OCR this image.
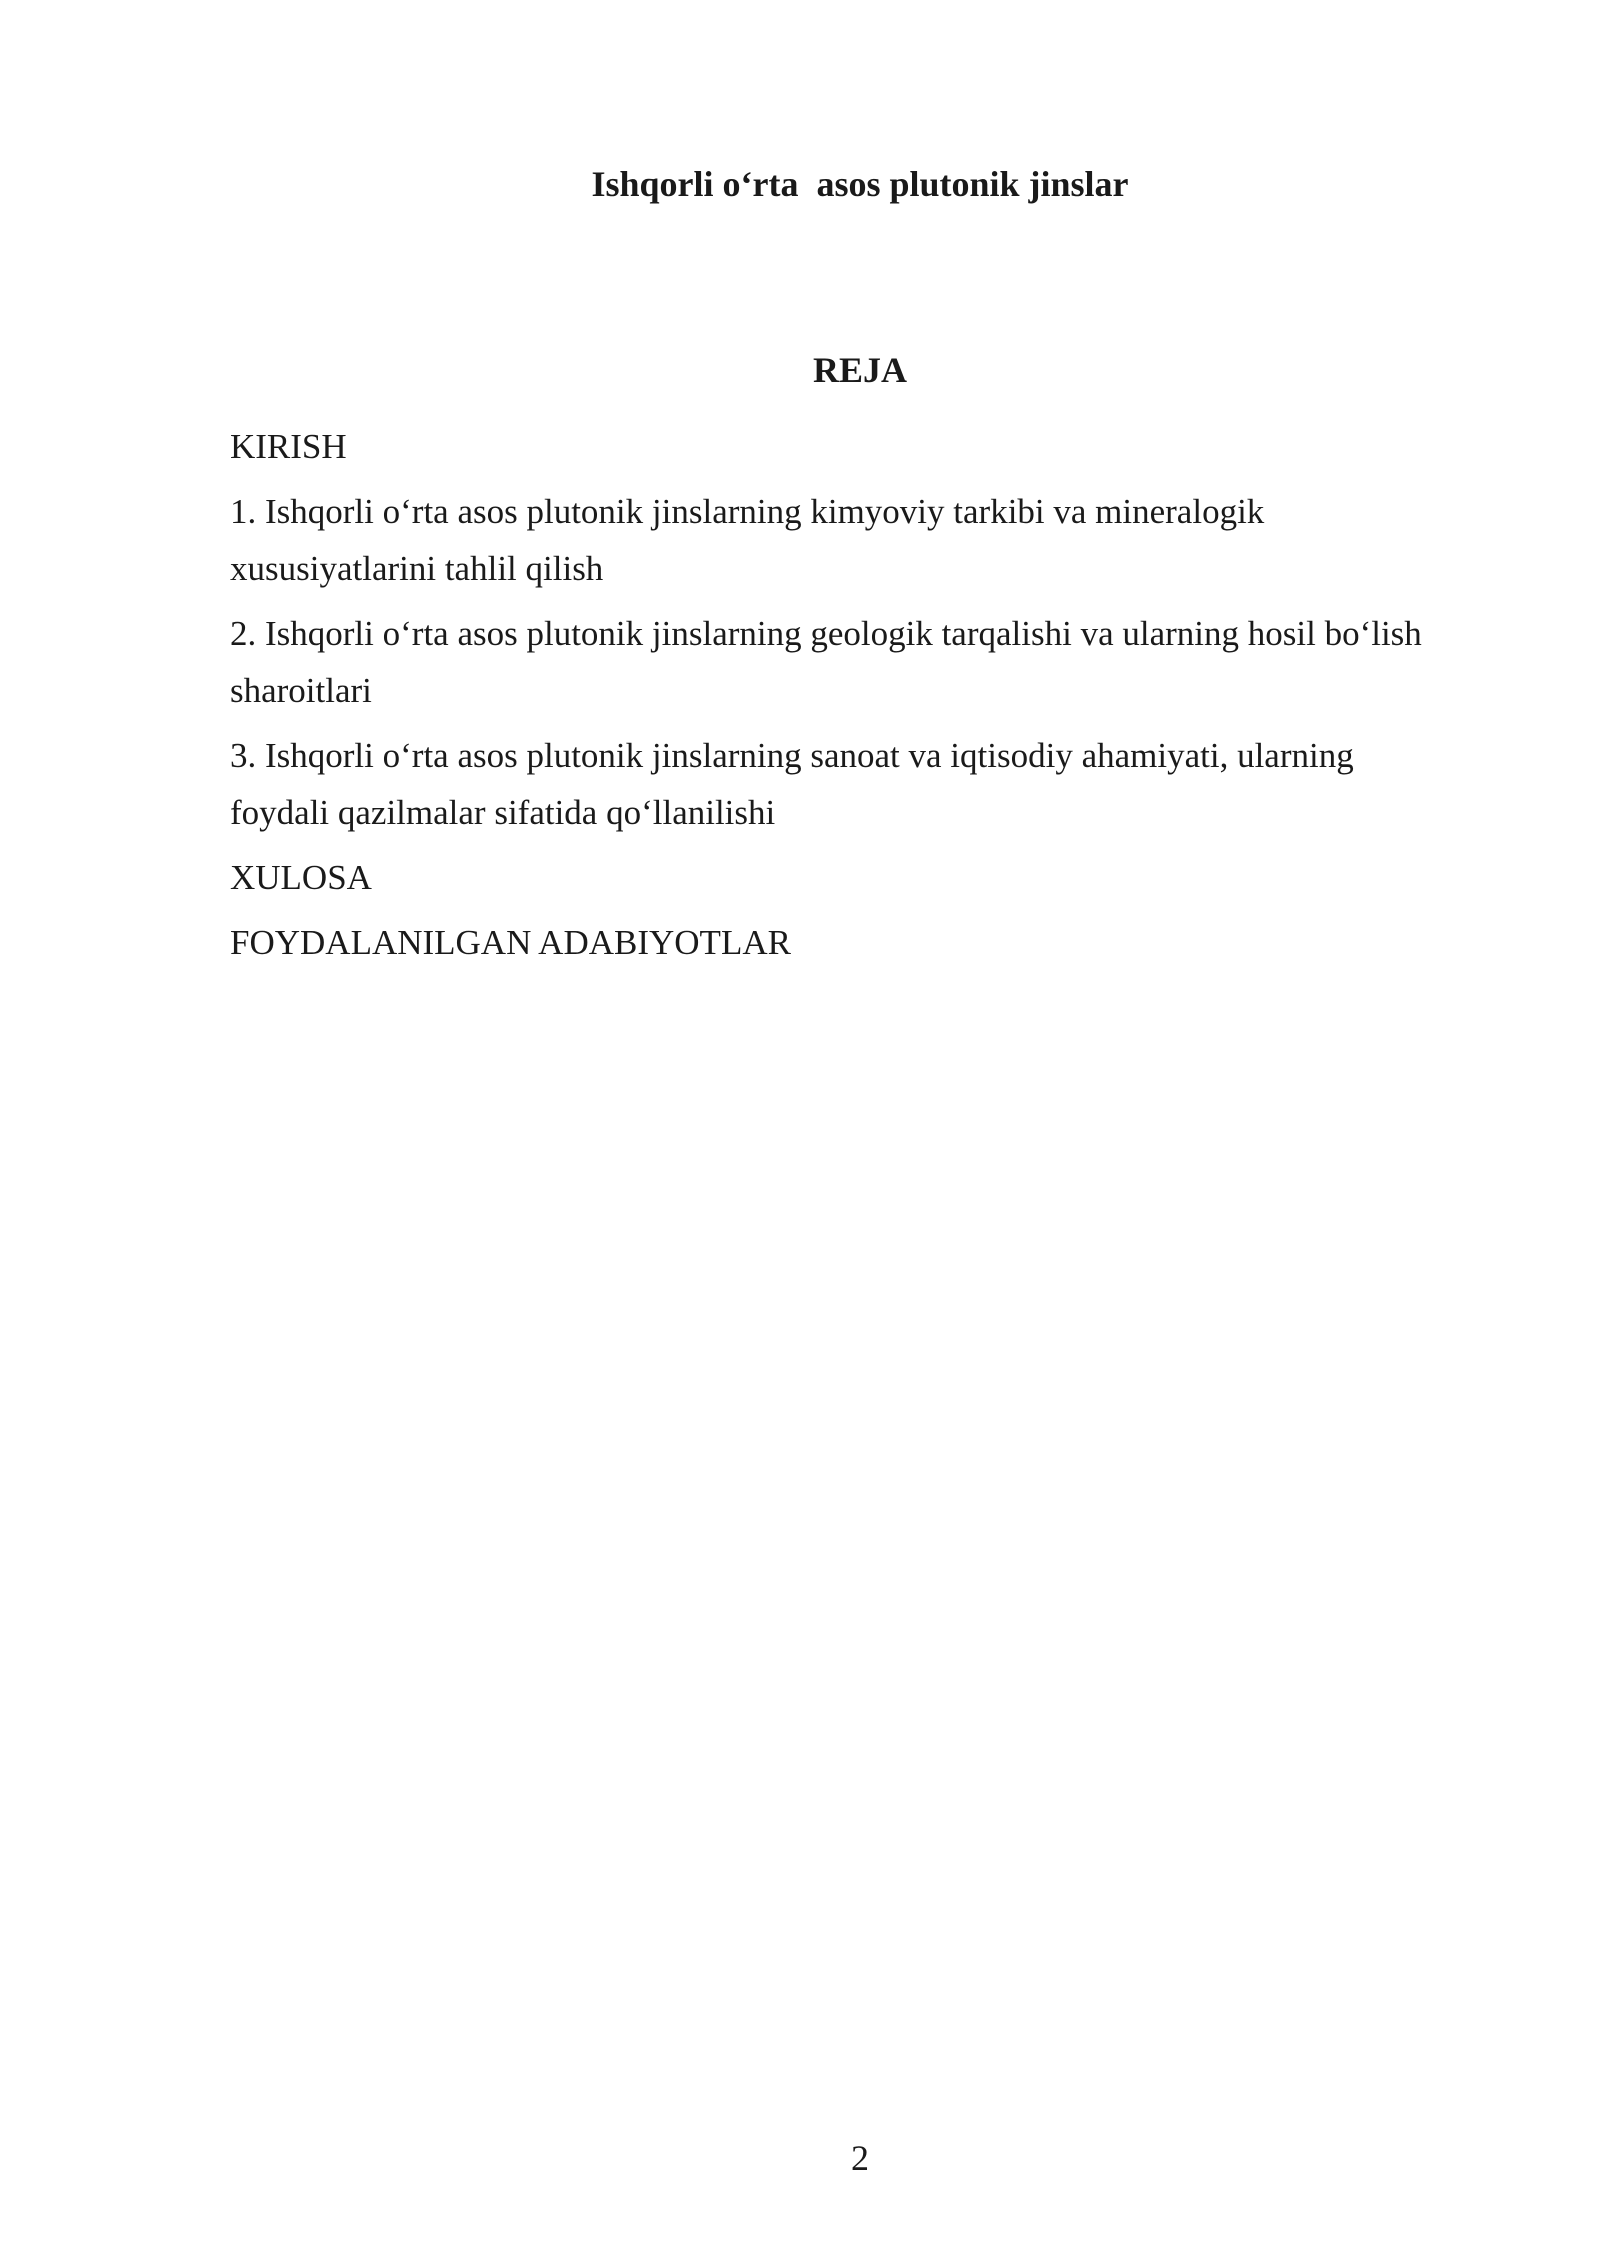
Ishqorli oʻrta  asos plutonik jinslar
REJA
KIRISH
1. Ishqorli oʻrta asos plutonik jinslarning kimyoviy tarkibi va mineralogik xususiyatlarini tahlil qilish
2. Ishqorli oʻrta asos plutonik jinslarning geologik tarqalishi va ularning hosil boʻlish sharoitlari
3. Ishqorli oʻrta asos plutonik jinslarning sanoat va iqtisodiy ahamiyati, ularning foydali qazilmalar sifatida qoʻllanilishi
XULOSA
FOYDALANILGAN ADABIYOTLAR
2
